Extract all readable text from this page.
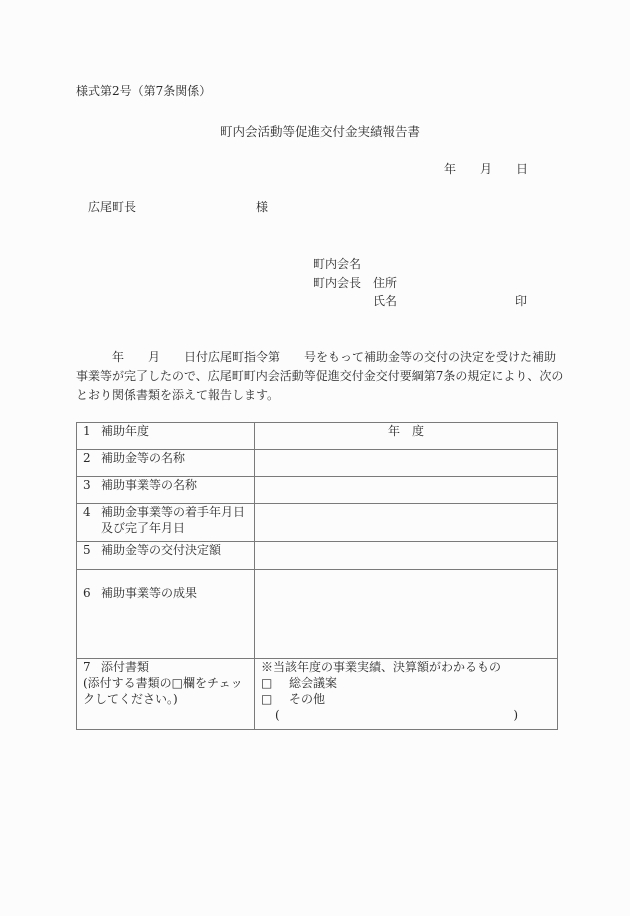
様式第2号（第7条関係）
町内会活動等促進交付金実績報告書
年 月 日
広尾町長	様
町内会名
町内会長 住所
氏名	印
　　　年　　月　　日付広尾町指令第　　号をもって補助金等の交付の決定を受けた補助
事業等が完了したので、広尾町町内会活動等促進交付金交付要綱第7条の規定により、次の
とおり関係書類を添えて報告します。
1 補助年度	年　度
2 補助金等の名称	
3 補助事業等の名称	
4 補助金事業等の着手年月日
及び完了年月日	

5 補助金等の交付決定額	
6 補助事業等の成果	
7 添付書類
(添付する書類の□欄をチェッ
クしてください。)	※当該年度の事業実績、決算額がわかるもの
□ 総会議案
□ その他
( )
